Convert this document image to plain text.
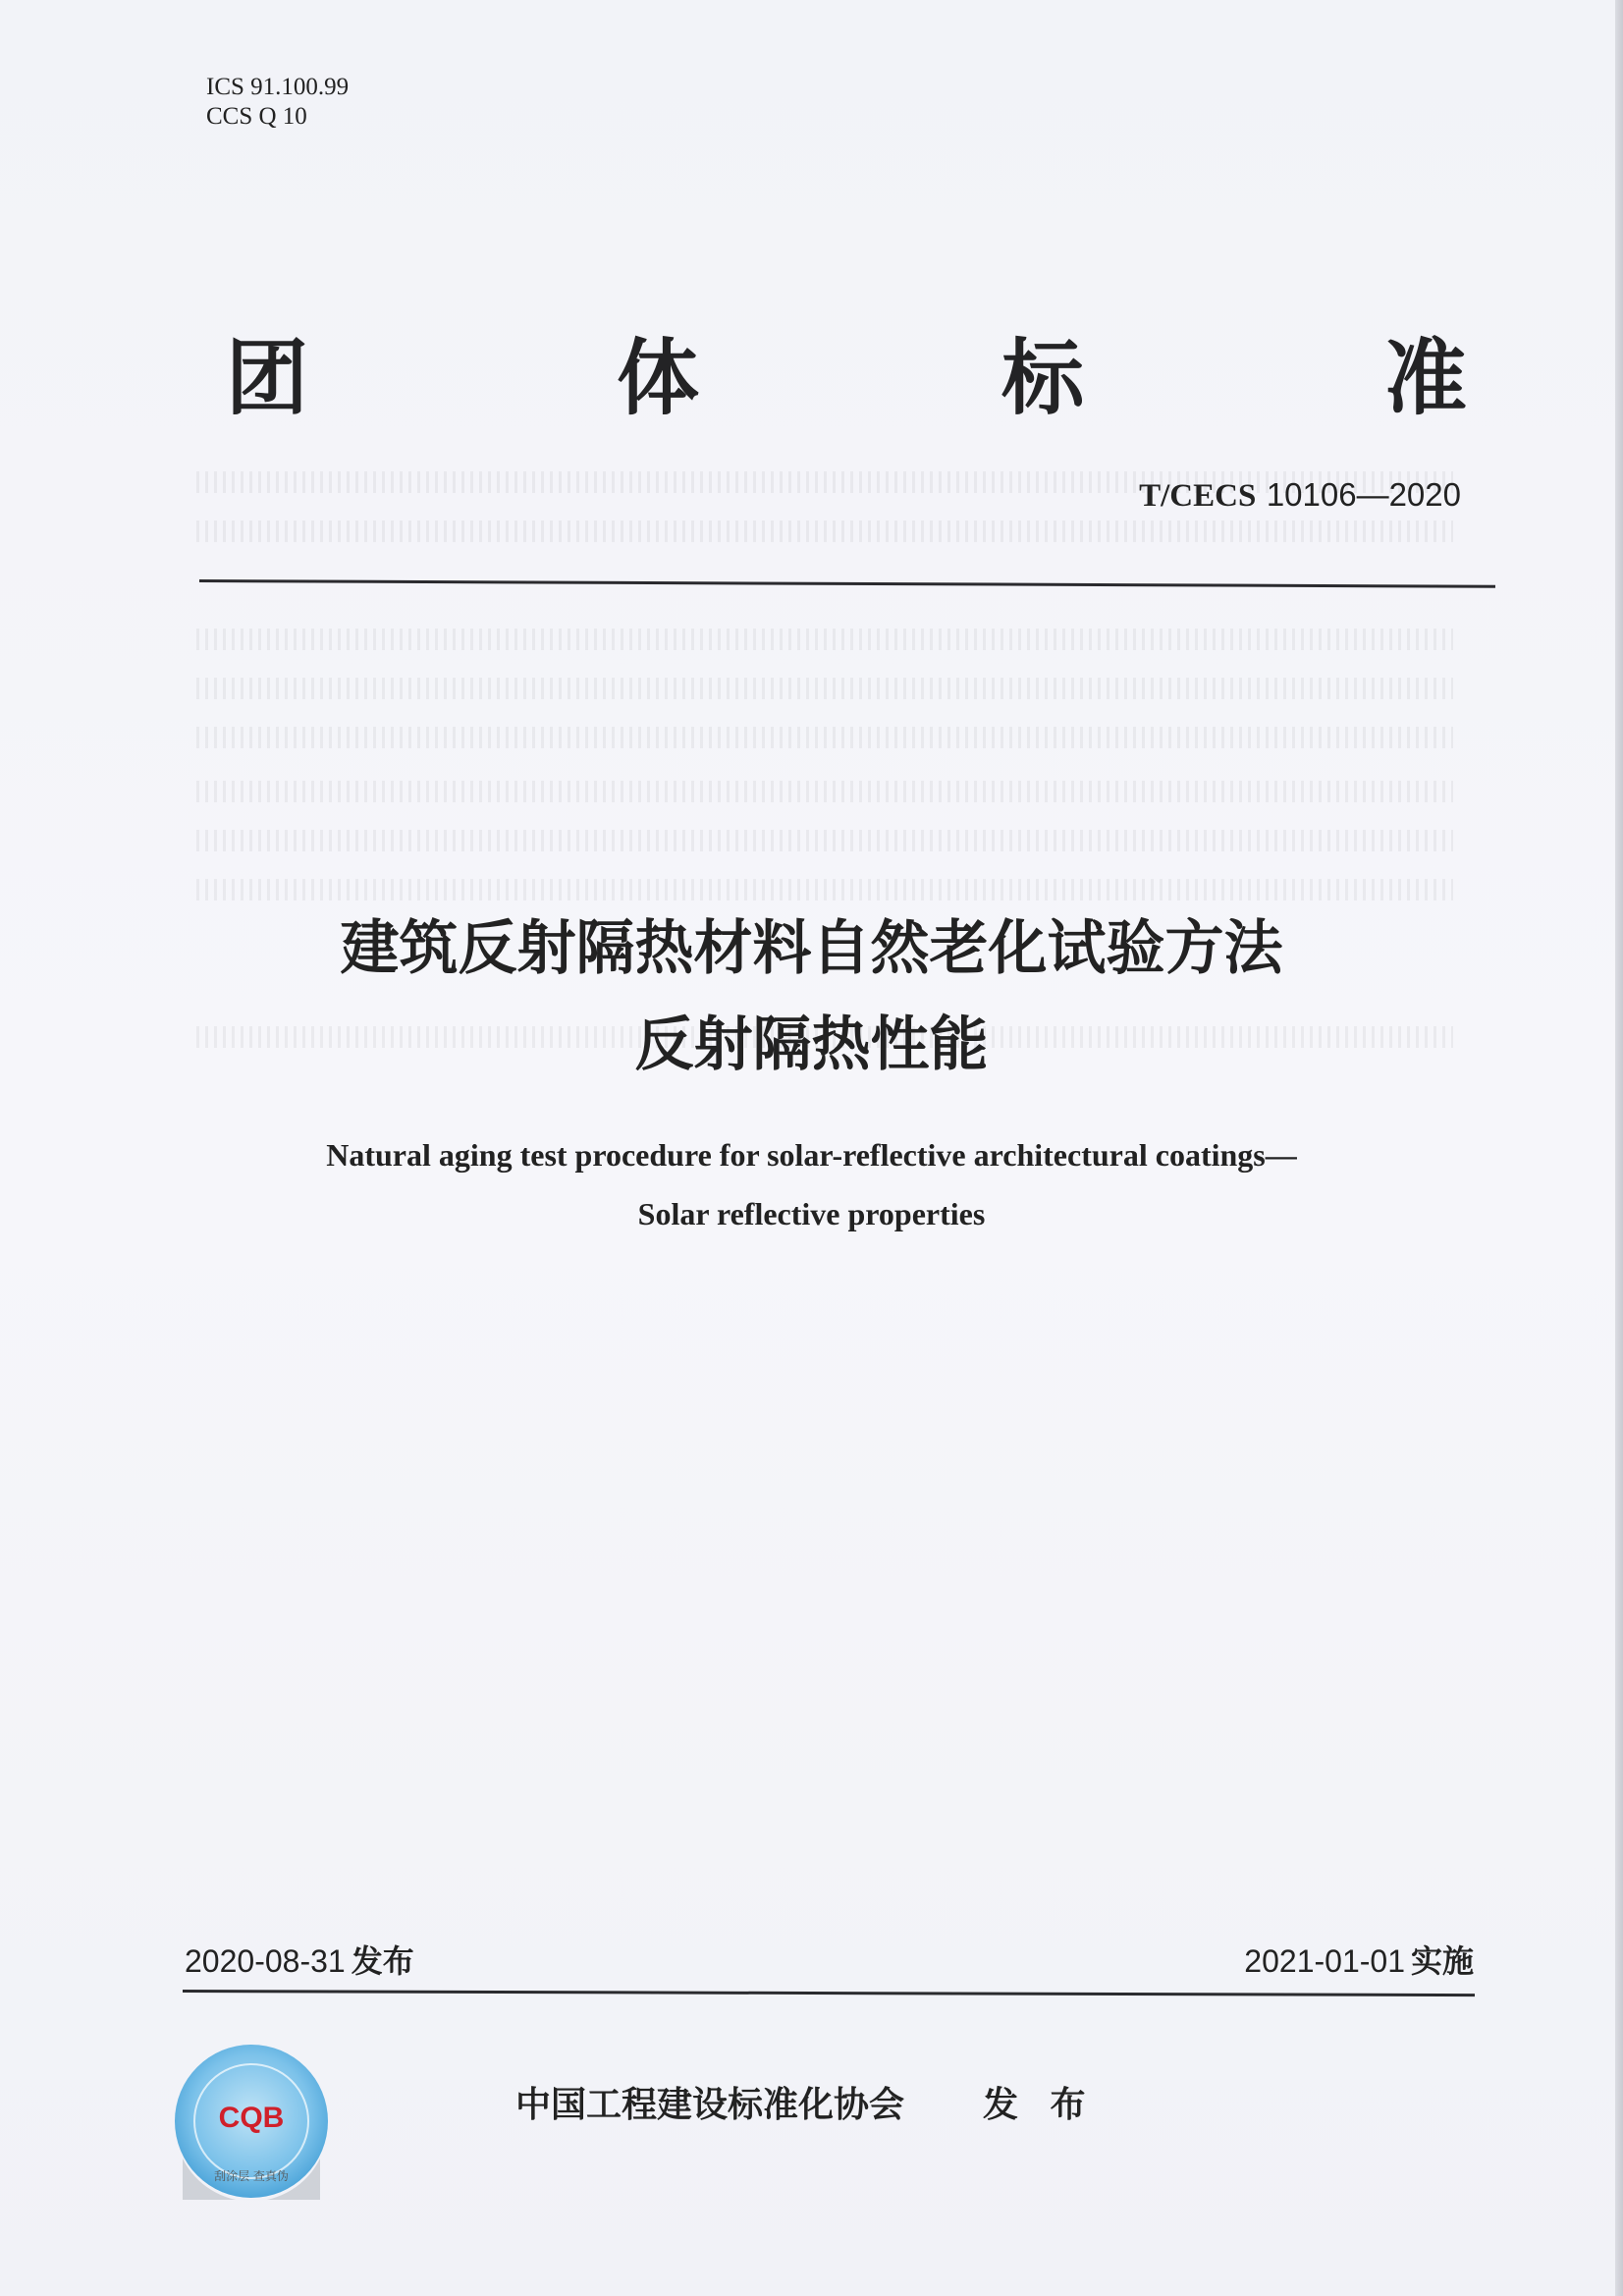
ICS 91.100.99
CCS Q 10
团	体	标	准
T/CECS 10106—2020
建筑反射隔热材料自然老化试验方法
反射隔热性能
Natural aging test procedure for solar-reflective architectural coatings—
Solar reflective properties
2020-08-31 发布	2021-01-01 实施
中国工程建设标准化协会 发 布
CQB
刮涂层 查真伪
